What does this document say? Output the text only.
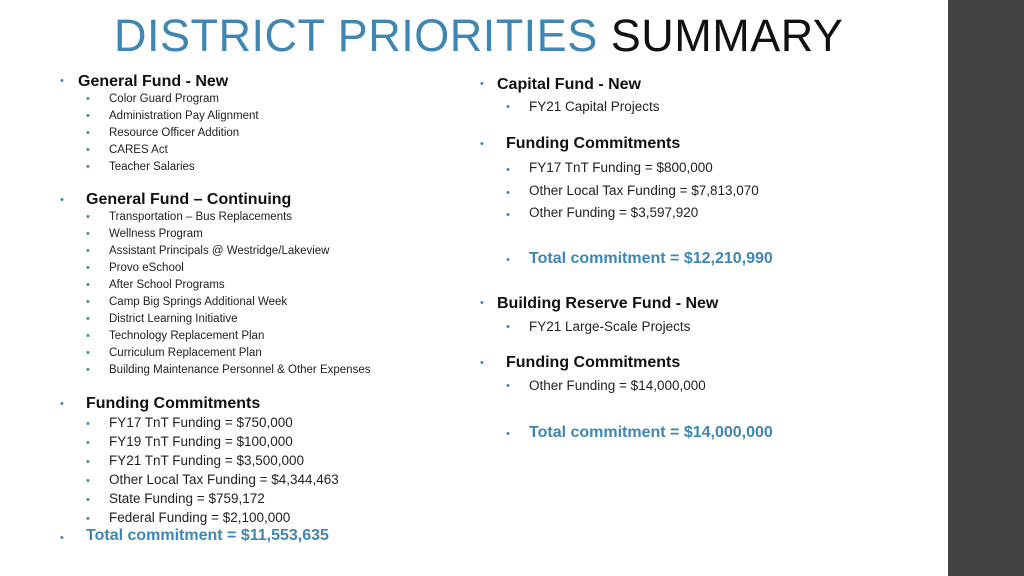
DISTRICT PRIORITIES SUMMARY
• General Fund - New
• Color Guard Program

• Administration Pay Alignment

• Resource Officer Addition

• CARES Act

• Teacher Salaries

• General Fund – Continuing
• Transportation – Bus Replacements

• Wellness Program

• Assistant Principals @ Westridge/Lakeview

• Provo eSchool

• After School Programs

• Camp Big Springs Additional Week

• District Learning Initiative

• Technology Replacement Plan

• Curriculum Replacement Plan

• Building Maintenance Personnel & Other Expenses

• Funding Commitments
• FY17 TnT Funding = $750,000

• FY19 TnT Funding = $100,000

• FY21 TnT Funding = $3,500,000

• Other Local Tax Funding = $4,344,463

• State Funding = $759,172

• Federal Funding = $2,100,000

• Total commitment = $11,553,635
• Capital Fund - New
• FY21 Capital Projects

• Funding Commitments
• FY17 TnT Funding = $800,000

• Other Local Tax Funding = $7,813,070

• Other Funding = $3,597,920

• Total commitment = $12,210,990
• Building Reserve Fund - New
• FY21 Large-Scale Projects

• Funding Commitments
• Other Funding = $14,000,000

• Total commitment = $14,000,000
